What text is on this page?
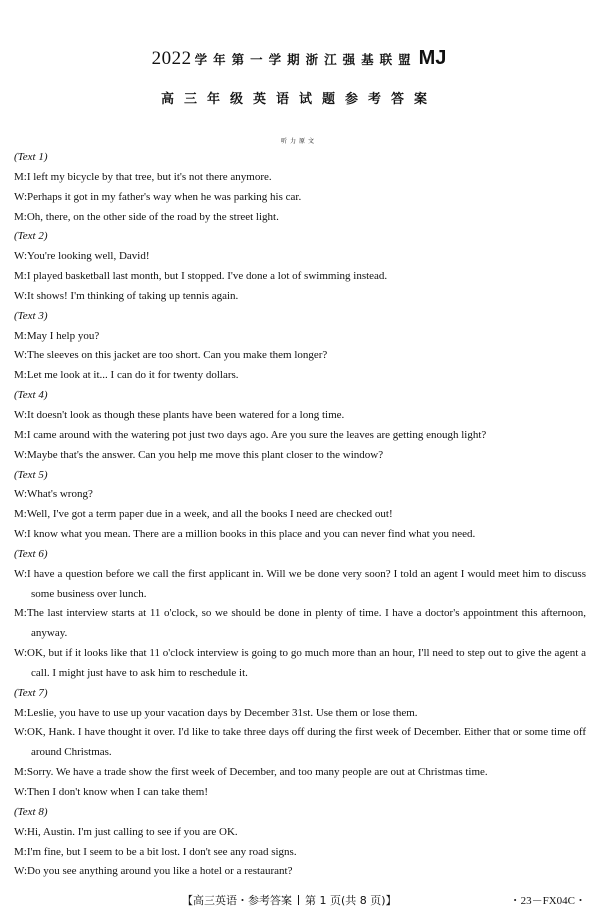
2022 学年第一学期浙江强基联盟 MJ
高三年级英语试题参考答案
听力原文
(Text 1)
M:I left my bicycle by that tree, but it's not there anymore.
W:Perhaps it got in my father's way when he was parking his car.
M:Oh, there, on the other side of the road by the street light.
(Text 2)
W:You're looking well, David!
M:I played basketball last month, but I stopped. I've done a lot of swimming instead.
W:It shows! I'm thinking of taking up tennis again.
(Text 3)
M:May I help you?
W:The sleeves on this jacket are too short. Can you make them longer?
M:Let me look at it... I can do it for twenty dollars.
(Text 4)
W:It doesn't look as though these plants have been watered for a long time.
M:I came around with the watering pot just two days ago. Are you sure the leaves are getting enough light?
W:Maybe that's the answer. Can you help me move this plant closer to the window?
(Text 5)
W:What's wrong?
M:Well, I've got a term paper due in a week, and all the books I need are checked out!
W:I know what you mean. There are a million books in this place and you can never find what you need.
(Text 6)
W:I have a question before we call the first applicant in. Will we be done very soon? I told an agent I would meet him to discuss some business over lunch.
M:The last interview starts at 11 o'clock, so we should be done in plenty of time. I have a doctor's appointment this afternoon, anyway.
W:OK, but if it looks like that 11 o'clock interview is going to go much more than an hour, I'll need to step out to give the agent a call. I might just have to ask him to reschedule it.
(Text 7)
M:Leslie, you have to use up your vacation days by December 31st. Use them or lose them.
W:OK, Hank. I have thought it over. I'd like to take three days off during the first week of December. Either that or some time off around Christmas.
M:Sorry. We have a trade show the first week of December, and too many people are out at Christmas time.
W:Then I don't know when I can take them!
(Text 8)
W:Hi, Austin. I'm just calling to see if you are OK.
M:I'm fine, but I seem to be a bit lost. I don't see any road signs.
W:Do you see anything around you like a hotel or a restaurant?
【高三英语・参考答案 第 1 页(共 8 页)】	・23－FX04C・
